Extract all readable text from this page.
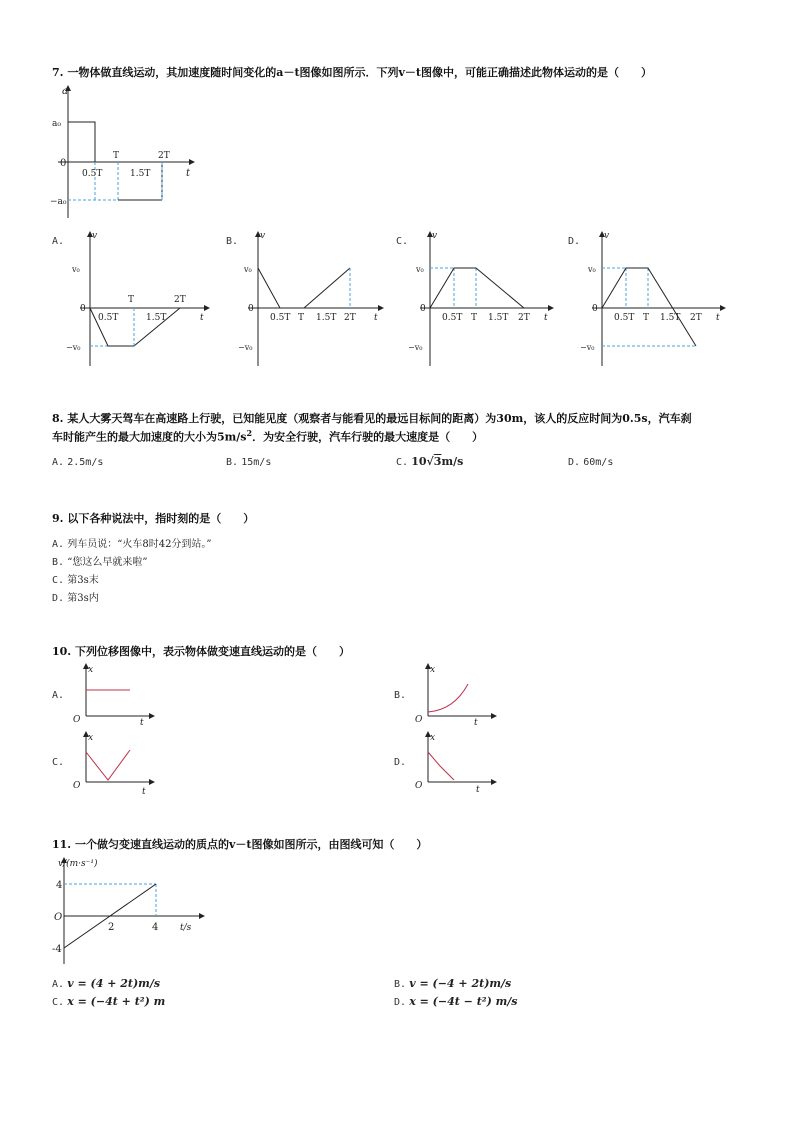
7. 一物体做直线运动，其加速度随时间变化的a－t图像如图所示．下列v－t图像中，可能正确描述此物体运动的是（　　）
a
t
0
a₀
−a₀
0.5T
T
1.5T
2T
A.	v
t
0
v₀
−v₀
0.5T
T
1.5T
2T
B. v
t
0
v₀
−v₀
0.5T T 1.5T 2T
C.	v
t
0
v₀
−v₀
0.5T T 1.5T 2T
D.	v
t
0
v₀
−v₀
0.5T T 1.5T 2T
8. 某人大雾天驾车在高速路上行驶，已知能见度（观察者与能看见的最远目标间的距离）为30m，该人的反应时间为0.5s，汽车刹
车时能产生的最大加速度的大小为$5m/s^2$．为安全行驶，汽车行驶的最大速度是（　　）
A. 2.5m/s	B. 15m/s	C. 10√3m/s	D. 60m/s
9. 以下各种说法中，指时刻的是（　　）
A. 列车员说：“火车8时42分到站。”
B. “您这么早就来啦”
C. 第3s末
D. 第3s内
10. 下列位移图像中，表示物体做变速直线运动的是（　　）
A.
x
t
O
B.
x
t
O
C.
x
t
O
D.
x
t
O
11. 一个做匀变速直线运动的质点的v－t图像如图所示，由图线可知（　　）
v/(m·s⁻¹)
t/s
O
4
-4
2	4
A. v = (4 + 2t)m/s	B. v = (−4 + 2t)m/s
C. x = (−4t + t²) m	D. x = (−4t − t²) m/s
